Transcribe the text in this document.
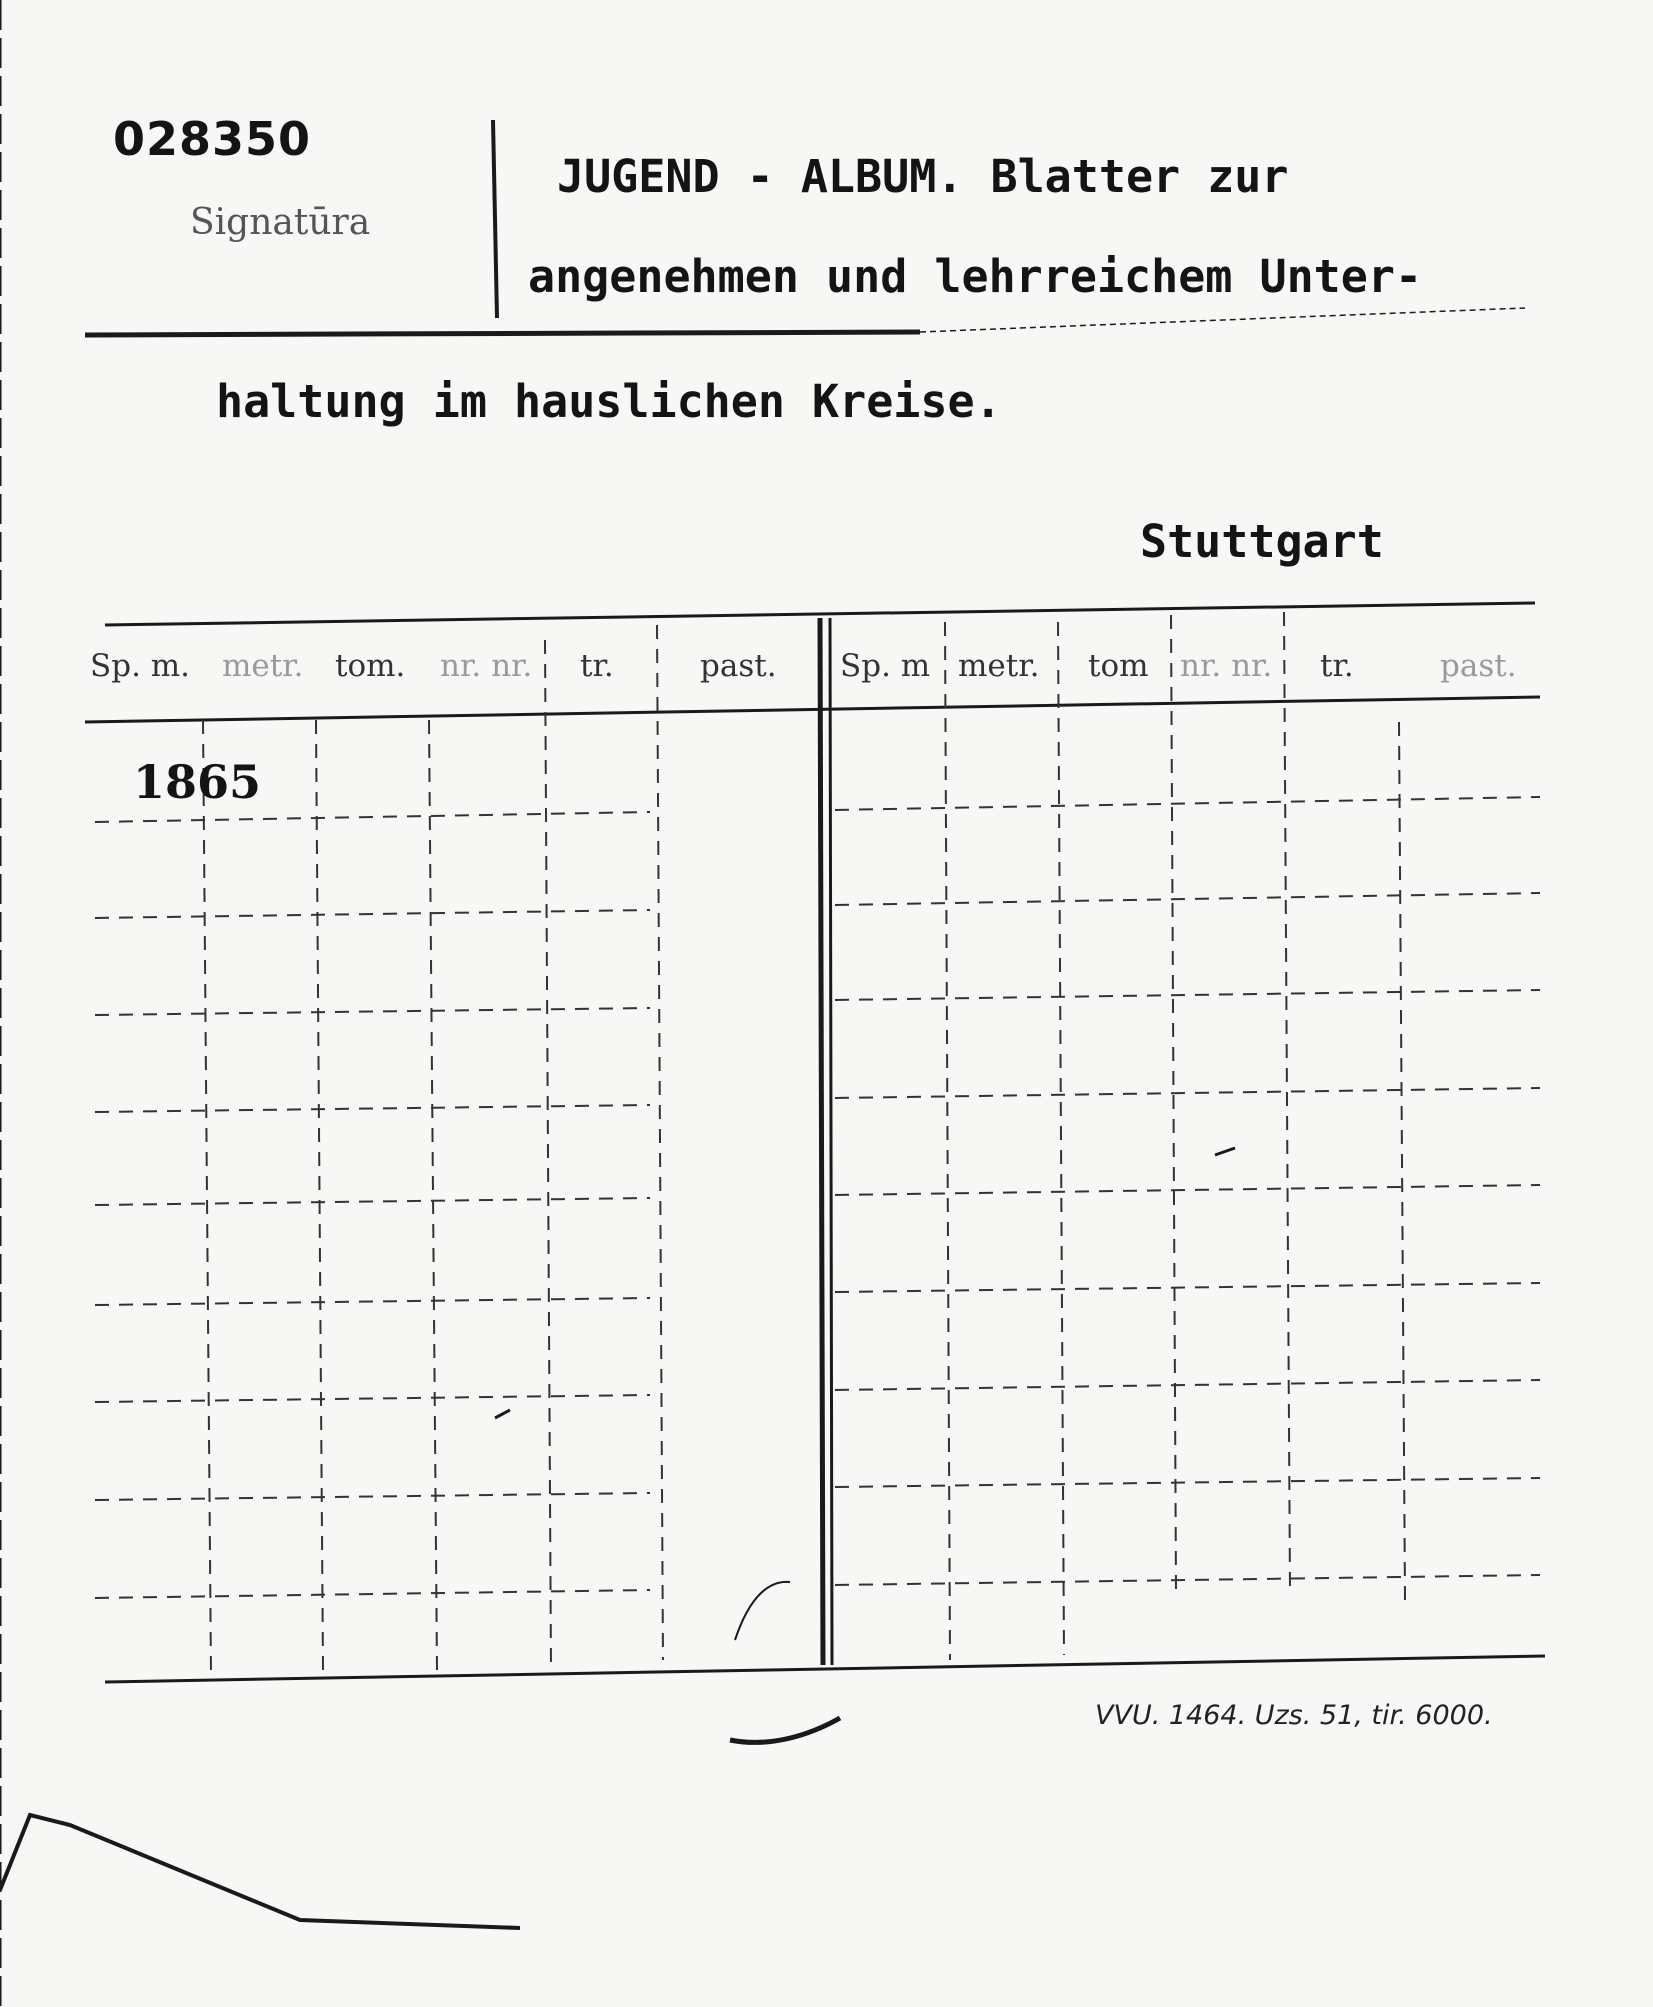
028350
Signatūra
JUGEND - ALBUM. Blatter zur
angenehmen und lehrreichem Unter-
haltung im hauslichen Kreise.
Stuttgart
Sp. m. metr. tom. nr. nr. tr.	past. Sp. m metr. tom nr. nr. tr.	past.
1865
VVU. 1464. Uzs. 51, tir. 6000.
